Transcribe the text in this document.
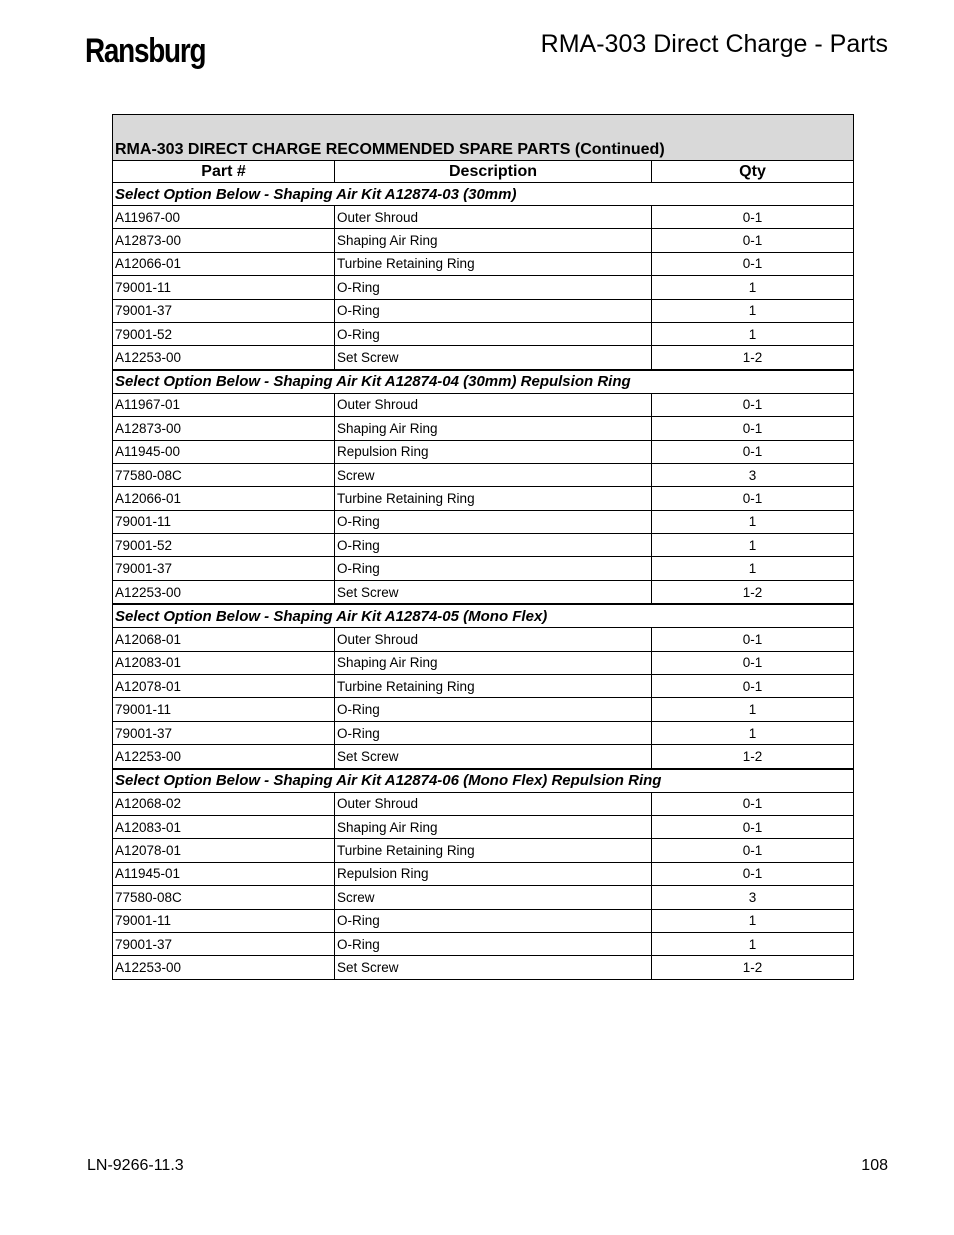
Ransburg	RMA-303 Direct Charge - Parts
RMA-303 DIRECT CHARGE RECOMMENDED SPARE PARTS (Continued)		
Part #	Description	Qty
Select Option Below - Shaping Air Kit A12874-03 (30mm)		
A11967-00	Outer Shroud	0-1
A12873-00	Shaping Air Ring	0-1
A12066-01	Turbine Retaining Ring	0-1
79001-11	O-Ring	1
79001-37	O-Ring	1
79001-52	O-Ring	1
A12253-00	Set Screw	1-2
Select Option Below - Shaping Air Kit A12874-04 (30mm) Repulsion Ring		
A11967-01	Outer Shroud	0-1
A12873-00	Shaping Air Ring	0-1
A11945-00	Repulsion Ring	0-1
77580-08C	Screw	3
A12066-01	Turbine Retaining Ring	0-1
79001-11	O-Ring	1
79001-52	O-Ring	1
79001-37	O-Ring	1
A12253-00	Set Screw	1-2
Select Option Below - Shaping Air Kit A12874-05 (Mono Flex)		
A12068-01	Outer Shroud	0-1
A12083-01	Shaping Air Ring	0-1
A12078-01	Turbine Retaining Ring	0-1
79001-11	O-Ring	1
79001-37	O-Ring	1
A12253-00	Set Screw	1-2
Select Option Below - Shaping Air Kit A12874-06 (Mono Flex) Repulsion Ring		
A12068-02	Outer Shroud	0-1
A12083-01	Shaping Air Ring	0-1
A12078-01	Turbine Retaining Ring	0-1
A11945-01	Repulsion Ring	0-1
77580-08C	Screw	3
79001-11	O-Ring	1
79001-37	O-Ring	1
A12253-00	Set Screw	1-2
LN-9266-11.3	108
